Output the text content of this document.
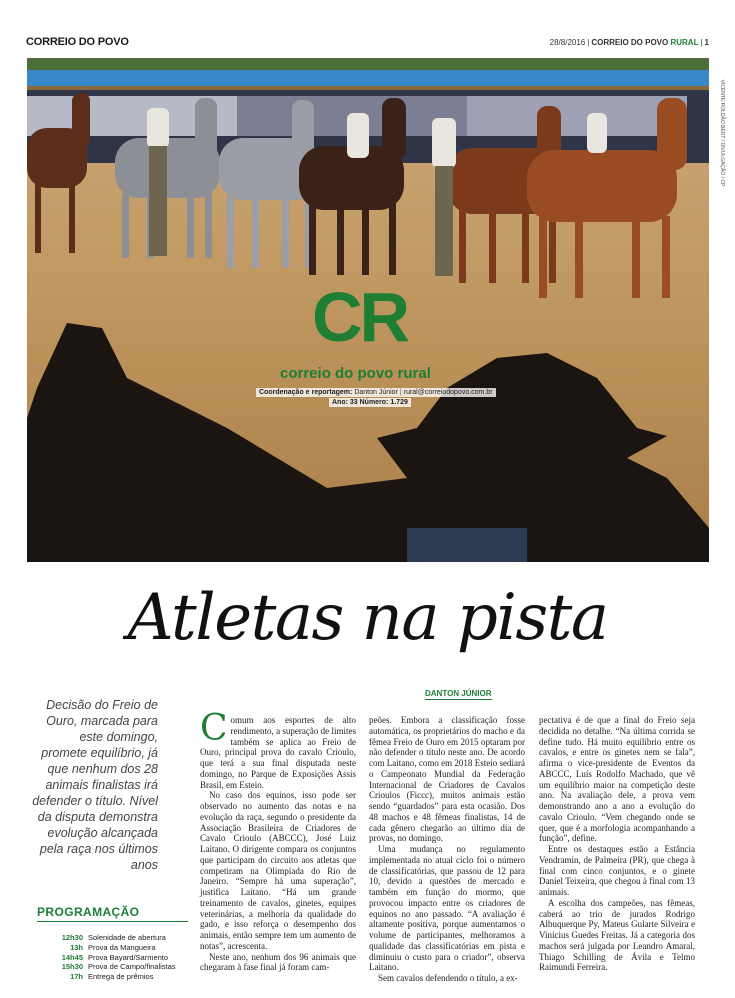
CORREIO DO POVO	28/8/2016 | CORREIO DO POVO RURAL | 1
VICENTE ROLDÃO BERT / DIVULGAÇÃO / CP
CR
correio do povo rural
Coordenação e reportagem: Danton Júnior | rural@correiodopovo.com.br
Ano: 33 Número: 1.729
Atletas na pista
DANTON JÚNIOR
Decisão do Freio de Ouro, marcada para este domingo, promete equilíbrio, já que nenhum dos 28 animais finalistas irá defender o título. Nível da disputa demonstra evolução alcançada pela raça nos últimos anos
PROGRAMAÇÃO
12h30 Solenidade de abertura
13h Prova da Mangueira
14h45 Prova Bayard/Sarmento
15h30 Prova de Campo/finalistas
17h Entrega de prêmios

Comum aos esportes de alto rendimento, a superação de limites também se aplica ao Freio de Ouro, principal prova do cavalo Crioulo, que terá a sua final disputada neste domingo, no Parque de Exposições Assis Brasil, em Esteio.

No caso dos equinos, isso pode ser observado no aumento das notas e na evolução da raça, segundo o presidente da Associação Brasileira de Criadores de Cavalo Crioulo (ABCCC), José Luiz Laitano. O dirigente compara os conjuntos que participam do circuito aos atletas que competiram na Olimpíada do Rio de Janeiro. “Sempre há uma superação”, justifica Laitano. “Há um grande treinamento de cavalos, ginetes, equipes veterinárias, a melhoria da qualidade do gado, e isso reforça o desempenho dos animais, então sempre tem um aumento de notas”, acrescenta.

Neste ano, nenhum dos 96 animais que chegaram à fase final já foram cam-

peões. Embora a classificação fosse automática, os proprietários do macho e da fêmea Freio de Ouro em 2015 optaram por não defender o título neste ano. De acordo com Laitano, como em 2018 Esteio sediará o Campeonato Mundial da Federação Internacional de Criadores de Cavalos Crioulos (Ficcc), muitos animais estão sendo “guardados” para esta ocasião. Dos 48 machos e 48 fêmeas finalistas, 14 de cada gênero chegarão ao último dia de provas, no domingo.

Uma mudança no regulamento implementada no atual ciclo foi o número de classificatórias, que passou de 12 para 10, devido a questões de mercado e também em função do mormo, que provocou impacto entre os criadores de equinos no ano passado. “A avaliação é altamente positiva, porque aumentamos o volume de participantes, melhoramos a qualidade das classificatórias em pista e diminuiu o custo para o criador”, observa Laitano.

Sem cavalos defendendo o título, a ex-

pectativa é de que a final do Freio seja decidida no detalhe. “Na última corrida se define tudo. Há muito equilíbrio entre os cavalos, e entre os ginetes nem se fala”, afirma o vice-presidente de Eventos da ABCCC, Luís Rodolfo Machado, que vê um equilíbrio maior na competição deste ano. Na avaliação dele, a prova vem demonstrando ano a ano a evolução do cavalo Crioulo. “Vem chegando onde se quer, que é a morfologia acompanhando a função”, define.

Entre os destaques estão a Estância Vendramin, de Palmeira (PR), que chega à final com cinco conjuntos, e o ginete Daniel Teixeira, que chegou à final com 13 animais.

A escolha dos campeões, nas fêmeas, caberá ao trio de jurados Rodrigo Albuquerque Py, Mateus Gularte Silveira e Vinícius Guedes Freitas. Já a categoria dos machos será julgada por Leandro Amaral, Thiago Schilling de Ávila e Telmo Raimundi Ferreira.
